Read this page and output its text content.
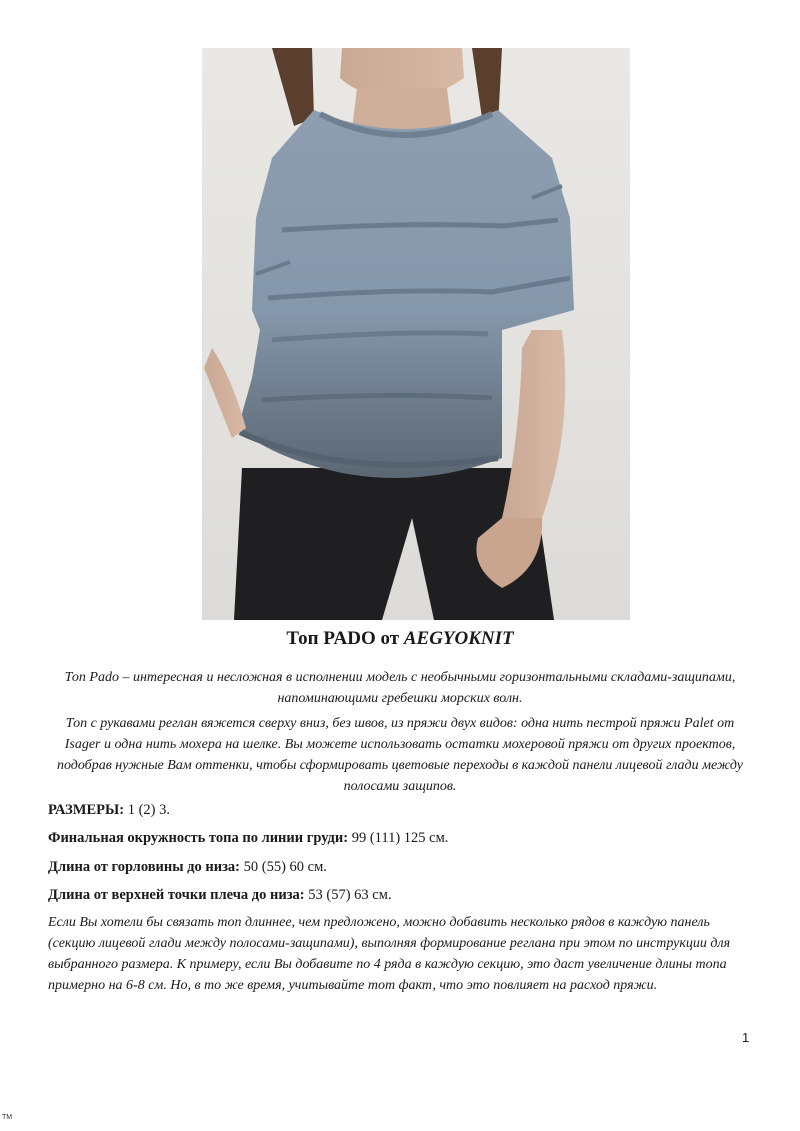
Топ PADO от AEGYOKNIT
Топ Pado – интересная и несложная в исполнении модель с необычными горизонтальными складами-защипами, напоминающими гребешки морских волн.
Топ с рукавами реглан вяжется сверху вниз, без швов, из пряжи двух видов: одна нить пестрой пряжи Palet от Isager и одна нить мохера на шелке. Вы можете использовать остатки мохеровой пряжи от других проектов, подобрав нужные Вам оттенки, чтобы сформировать цветовые переходы в каждой панели лицевой глади между полосами защипов.
РАЗМЕРЫ: 1 (2) 3.
Финальная окружность топа по линии груди: 99 (111) 125 см.
Длина от горловины до низа: 50 (55) 60 см.
Длина от верхней точки плеча до низа: 53 (57) 63 см.
Если Вы хотели бы связать топ длиннее, чем предложено, можно добавить несколько рядов в каждую панель (секцию лицевой глади между полосами-защипами), выполняя формирование реглана при этом по инструкции для выбранного размера. К примеру, если Вы добавите по 4 ряда в каждую секцию, это даст увеличение длины топа примерно на 6-8 см. Но, в то же время, учитывайте тот факт, что это повлияет на расход пряжи.
1
TM
